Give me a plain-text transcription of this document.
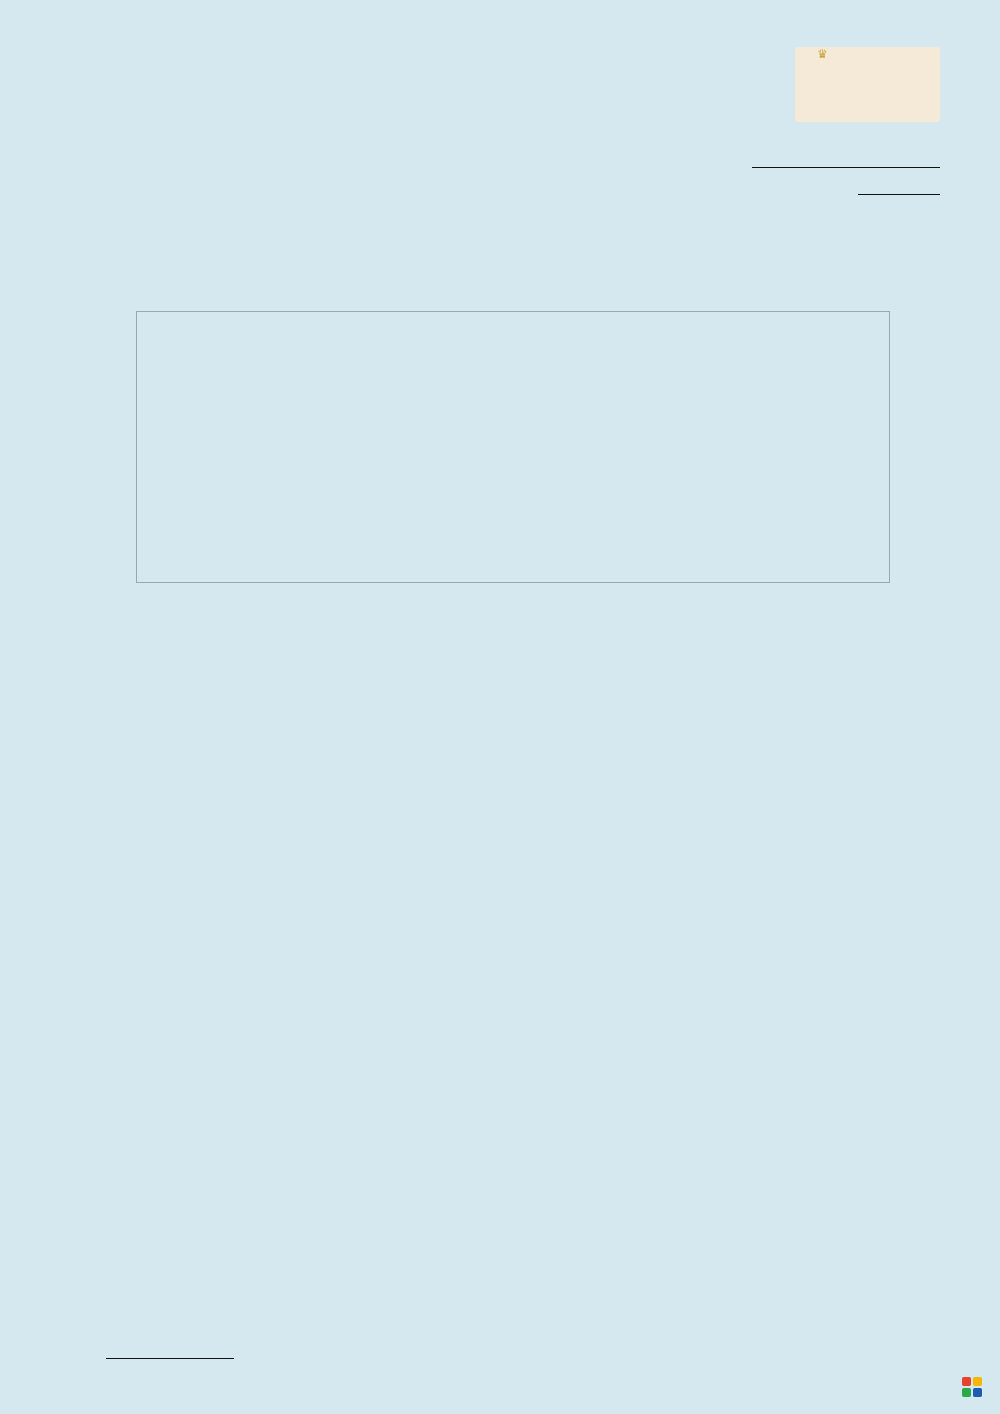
♛
